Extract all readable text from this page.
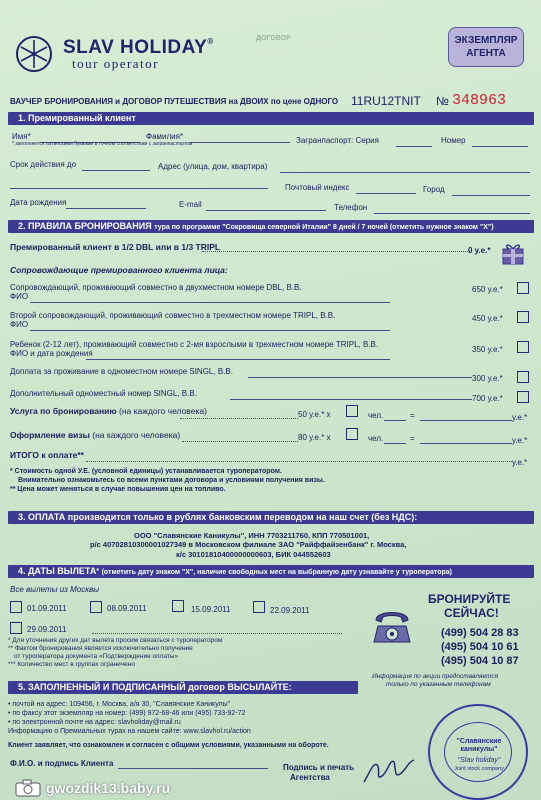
SLAV HOLIDAY®
tour operator
ДОГОВОР	ЭКЗЕМПЛЯР АГЕНТА
ВАУЧЕР БРОНИРОВАНИЯ и ДОГОВОР ПУТЕШЕСТВИЯ на ДВОИХ по цене ОДНОГО 11RU12TNIT № 348963
1. Премированный клиент
Имя*	Фамилия*	Загранпаспорт: Серия	Номер
* заполняется латинскими буквами в точном соответствии с загранпаспортом
Срок действия до	Адрес (улица, дом, квартира)
Почтовый индекс	Город
Дата рождения	E-mail	Телефон
2. ПРАВИЛА БРОНИРОВАНИЯ тура по программе "Сокровища северной Италии" 8 дней / 7 ночей (отметить нужное знаком "X")
Премированный клиент в 1/2 DBL или в 1/3 TRIPL	0 у.е.*
Сопровождающие премированного клиента лица:
Сопровождающий, проживающий совместно в двухместном номере DBL, В.В.
ФИО
650 у.е.*
Второй сопровождающий, проживающий совместно в трехместном номере TRIPL, В.В.
ФИО
450 у.е.*
Ребенок (2-12 лет), проживающий совместно с 2-мя взрослыми в трехместном номере TRIPL, В.В.
ФИО и дата рождения	350 у.е.*
Доплата за проживание в одноместном номере SINGL, В.В.
300 у.е.*
Дополнительный одноместный номер SINGL, В.В.
700 у.е.*
Услуга по бронированию (на каждого человека)	50 у.е.* х	чел.	=	у.е.*
Оформление визы (на каждого человека)	80 у.е.* х	чел.	=	у.е.*
ИТОГО к оплате**
у.е.*
* Стоимость одной У.Е. (условной единицы) устанавливается туроператором.
Внимательно ознакомьтесь со всеми пунктами договора и условиями получения визы.
** Цена может меняться в случае повышения цен на топливо.
3. ОПЛАТА производится только в рублях банковским переводом на наш счет (без НДС):
ООО "Славянские Каникулы", ИНН 7703211760, КПП 770501001,
р/с 40702810300001027349 в Московском филиале ЗАО "Райффайзенбанк" г. Москва,
к/с 30101810400000000603, БИК 044552603
4. ДАТЫ ВЫЛЕТА* (отметить дату знаком "X", наличие свободных мест на выбранную дату узнавайте у туроператора)
Все вылеты из Москвы
01.09.2011	08.09.2011	15.09.2011	22.09.2011
29.09.2011
* Для уточнения других дат вылета просим связаться с туроператором
** Фактом бронирования является исключительно получение
от туроператора документа «Подтверждение оплаты»
*** Количество мест в группах ограничено
БРОНИРУЙТЕ
СЕЙЧАС!
(499) 504 28 83
(495) 504 10 61
(495) 504 10 87
Информация по акции предоставляется
только по указанным телефонам
5. ЗАПОЛНЕННЫЙ И ПОДПИСАННЫЙ договор ВЫСЫЛАЙТЕ:
• почтой на адрес: 109456, г. Москва, а/я 30, "Славянские Каникулы"
• по факсу этот экземпляр на номер: (499) 972-68-46 или (495) 733-92-72
• по электронной почте на адрес: slavholiday@mail.ru
Информацию о Премиальных турах на нашем сайте: www.slavhol.ru/action
Клиент заявляет, что ознакомлен и согласен с общими условиями, указанными на обороте.
Ф.И.О. и подпись Клиента	Подпись и печать
Агентства
"Славянские каникулы"
"Slav holiday"
Joint stock company
gwozdik13.baby.ru
